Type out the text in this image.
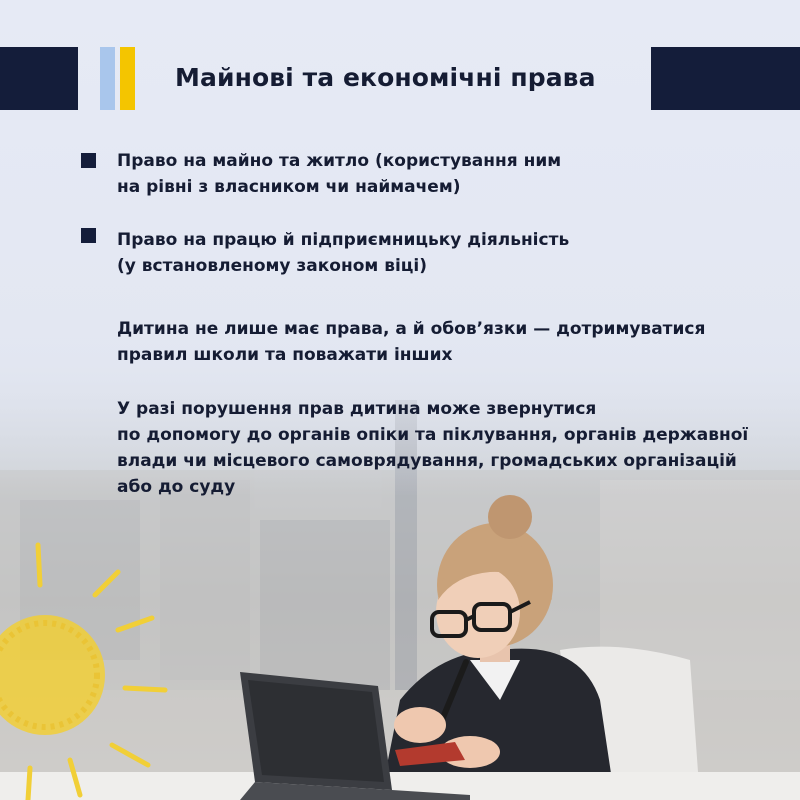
Майнові та економічні права
Право на майно та житло (користування ним
на рівні з власником чи наймачем)
Право на працю й підприємницьку діяльність
(у встановленому законом віці)
Дитина не лише має права, а й обов’язки — дотримуватися
правил школи та поважати інших
У разі порушення прав дитина може звернутися
по допомогу до органів опіки та піклування, органів державної
влади чи місцевого самоврядування, громадських організацій
або до суду
